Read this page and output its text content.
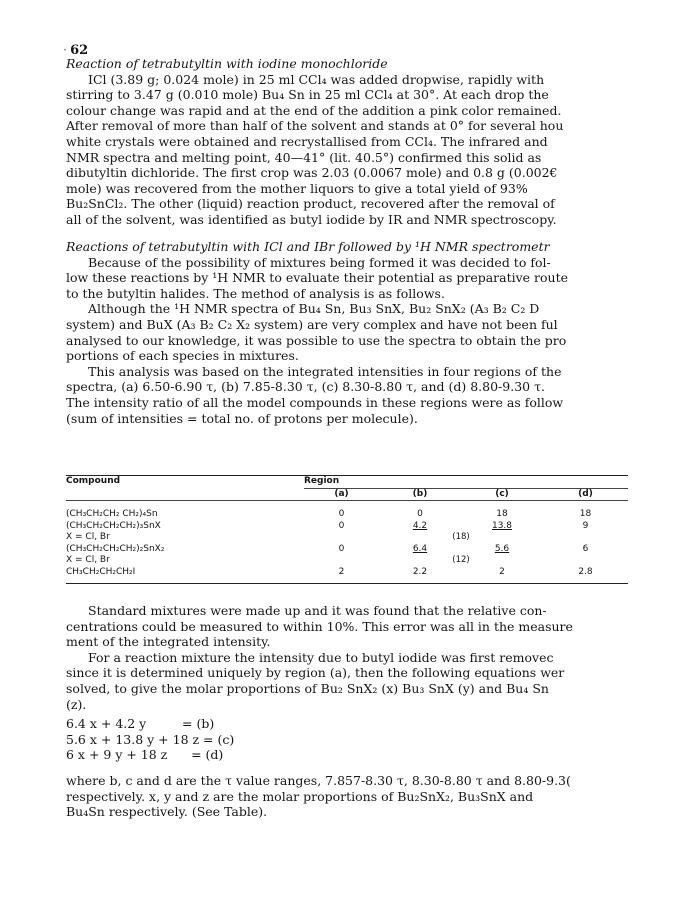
· 62

Reaction of tetrabutyltin with iodine monochloride

ICl (3.89 g; 0.024 mole) in 25 ml CCl₄ was added dropwise, rapidly with

stirring to 3.47 g (0.010 mole) Bu₄ Sn in 25 ml CCl₄ at 30°. At each drop the

colour change was rapid and at the end of the addition a pink color remained.

After removal of more than half of the solvent and stands at 0° for several hou

white crystals were obtained and recrystallised from CCl₄. The infrared and

NMR spectra and melting point, 40—41° (lit. 40.5°) confirmed this solid as

dibutyltin dichloride. The first crop was 2.03 (0.0067 mole) and 0.8 g (0.002€

mole) was recovered from the mother liquors to give a total yield of 93%

Bu₂SnCl₂. The other (liquid) reaction product, recovered after the removal of

all of the solvent, was identified as butyl iodide by IR and NMR spectroscopy.

Reactions of tetrabutyltin with ICl and IBr followed by ¹H NMR spectrometr

Because of the possibility of mixtures being formed it was decided to fol-

low these reactions by ¹H NMR to evaluate their potential as preparative route

to the butyltin halides. The method of analysis is as follows.

Although the ¹H NMR spectra of Bu₄ Sn, Bu₃ SnX, Bu₂ SnX₂ (A₃ B₂ C₂ D

system) and BuX (A₃ B₂ C₂ X₂ system) are very complex and have not been ful

analysed to our knowledge, it was possible to use the spectra to obtain the pro

portions of each species in mixtures.

This analysis was based on the integrated intensities in four regions of the

spectra, (a) 6.50-6.90 τ, (b) 7.85-8.30 τ, (c) 8.30-8.80 τ, and (d) 8.80-9.30 τ.

The intensity ratio of all the model compounds in these regions were as follow

(sum of intensities = total no. of protons per molecule).

Compound	Region			
	(a)	(b)	(c)	(d)

(CH₃CH₂CH₂ CH₂)₄Sn	0	0	18	18
(CH₃CH₂CH₂CH₂)₃SnX	0	4.2	13.8	9
X = Cl, Br		(18)		
(CH₃CH₂CH₂CH₂)₂SnX₂	0	6.4	5.6	6
X = Cl, Br		(12)		
CH₃CH₂CH₂CH₂I	2	2.2	2	2.8

Standard mixtures were made up and it was found that the relative con-

centrations could be measured to within 10%. This error was all in the measure

ment of the integrated intensity.

For a reaction mixture the intensity due to butyl iodide was first removec

since it is determined uniquely by region (a), then the following equations wer

solved, to give the molar proportions of Bu₂ SnX₂ (x) Bu₃ SnX (y) and Bu₄ Sn

(z).

6.4 x + 4.2 y         = (b)

5.6 x + 13.8 y + 18 z = (c)

6 x + 9 y + 18 z      = (d)

where b, c and d are the τ value ranges, 7.857-8.30 τ, 8.30-8.80 τ and 8.80-9.3(

respectively. x, y and z are the molar proportions of Bu₂SnX₂, Bu₃SnX and

Bu₄Sn respectively. (See Table).
